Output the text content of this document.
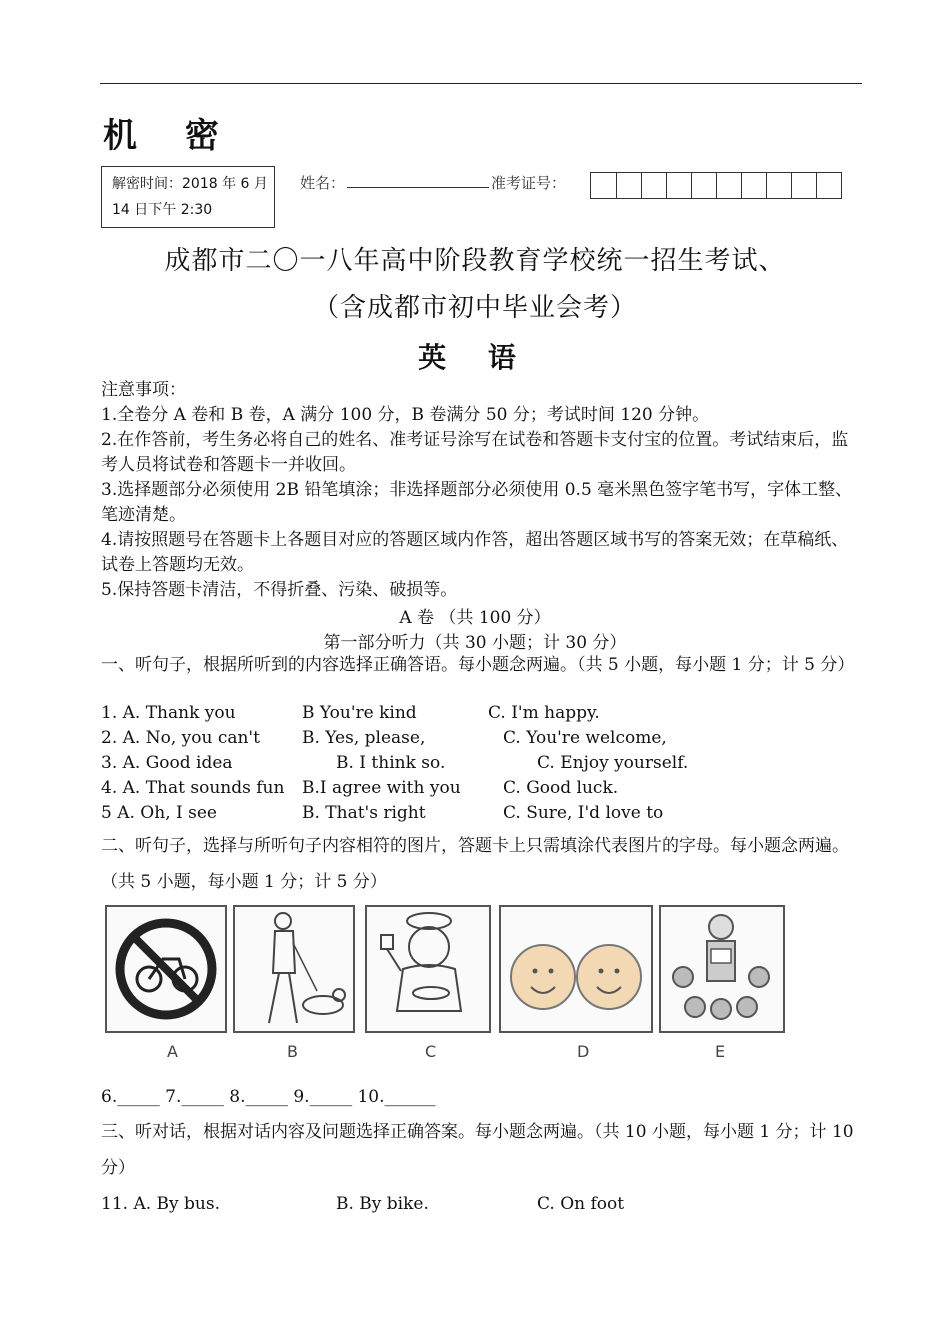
机 密
解密时间：2018 年 6 月 14 日下午 2:30
姓名：	准考证号：
成都市二〇一八年高中阶段教育学校统一招生考试、
（含成都市初中毕业会考）
英 语
注意事项：
1.全卷分 A 卷和 B 卷，A 满分 100 分，B 卷满分 50 分；考试时间 120 分钟。
2.在作答前，考生务必将自己的姓名、准考证号涂写在试卷和答题卡支付宝的位置。考试结束后，监考人员将试卷和答题卡一并收回。
3.选择题部分必须使用 2B 铅笔填涂；非选择题部分必须使用 0.5 毫米黑色签字笔书写，字体工整、笔迹清楚。
4.请按照题号在答题卡上各题目对应的答题区域内作答，超出答题区域书写的答案无效；在草稿纸、试卷上答题均无效。
5.保持答题卡清洁，不得折叠、污染、破损等。
A 卷 （共 100 分）
第一部分听力（共 30 小题；计 30 分）
一、听句子，根据所听到的内容选择正确答语。每小题念两遍。（共 5 小题，每小题 1 分；计 5 分）
1. A. Thank you	B You're kind	C. I'm happy.
2. A. No, you can't B. Yes, please,	C. You're welcome,
3. A. Good idea	B. I think so.	C. Enjoy yourself.
4. A. That sounds fun B.I agree with you C. Good luck.
5 A. Oh, I see	B. That's right	C. Sure, I'd love to
二、听句子，选择与所听句子内容相符的图片，答题卡上只需填涂代表图片的字母。每小题念两遍。（共 5 小题，每小题 1 分；计 5 分）
A	B	C	D	E
6._____ 7._____ 8._____ 9._____ 10.______
三、听对话，根据对话内容及问题选择正确答案。每小题念两遍。（共 10 小题，每小题 1 分；计 10 分）
11. A. By bus.	B. By bike.	C. On foot
